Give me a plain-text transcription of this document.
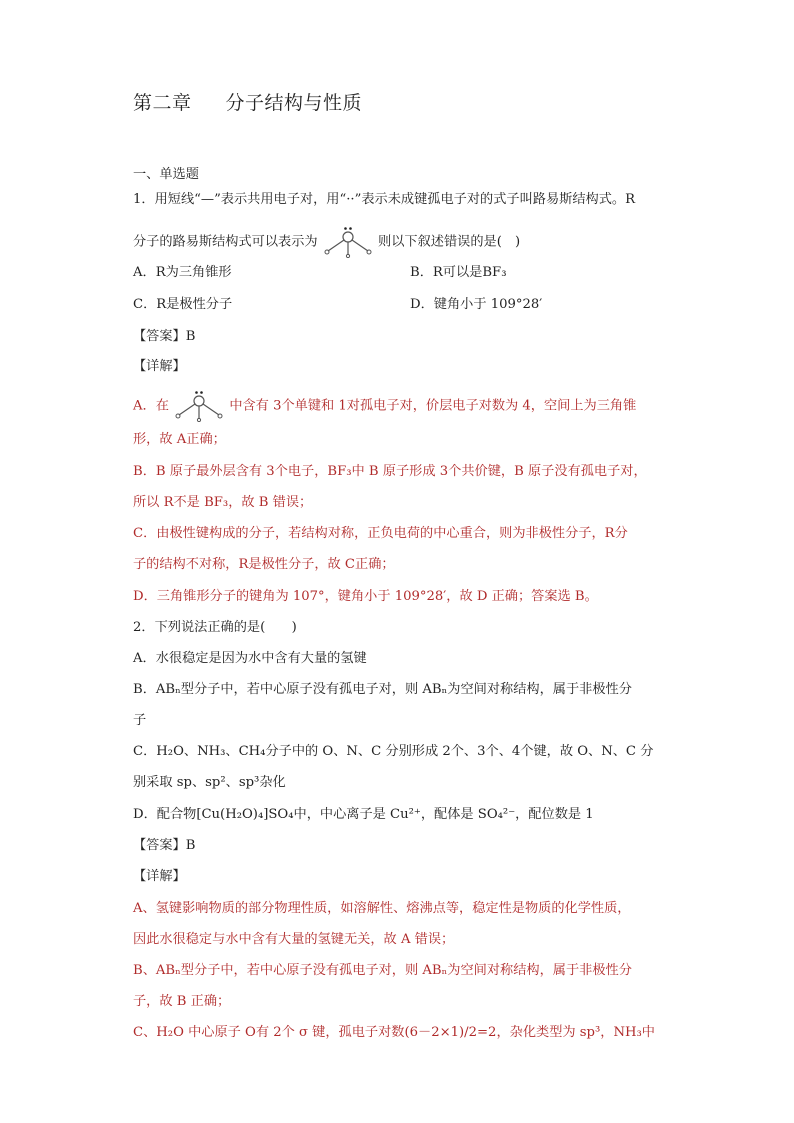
第二章 分子结构与性质
一、单选题
1．用短线“—”表示共用电子对，用“··”表示未成键孤电子对的式子叫路易斯结构式。R
分子的路易斯结构式可以表示为	则以下叙述错误的是(　)
A．R为三角锥形	B．R可以是BF₃
C．R是极性分子	D．键角小于 109°28′
【答案】B
【详解】
A．在	中含有 3个单键和 1对孤电子对，价层电子对数为 4，空间上为三角锥
形，故 A正确；
B．B 原子最外层含有 3个电子，BF₃中 B 原子形成 3个共价键，B 原子没有孤电子对，
所以 R不是 BF₃，故 B 错误；
C．由极性键构成的分子，若结构对称，正负电荷的中心重合，则为非极性分子，R分
子的结构不对称，R是极性分子，故 C正确；
D．三角锥形分子的键角为 107°，键角小于 109°28′，故 D 正确；答案选 B。
2．下列说法正确的是(　　)
A．水很稳定是因为水中含有大量的氢键
B．ABₙ型分子中，若中心原子没有孤电子对，则 ABₙ为空间对称结构，属于非极性分
子
C．H₂O、NH₃、CH₄分子中的 O、N、C 分别形成 2个、3个、4个键，故 O、N、C 分
别采取 sp、sp²、sp³杂化
D．配合物[Cu(H₂O)₄]SO₄中，中心离子是 Cu²⁺，配体是 SO₄²⁻，配位数是 1
【答案】B
【详解】
A、氢键影响物质的部分物理性质，如溶解性、熔沸点等，稳定性是物质的化学性质，
因此水很稳定与水中含有大量的氢键无关，故 A 错误；
B、ABₙ型分子中，若中心原子没有孤电子对，则 ABₙ为空间对称结构，属于非极性分
子，故 B 正确；
C、H₂O 中心原子 O有 2个 σ 键，孤电子对数(6－2×1)/2=2，杂化类型为 sp³，NH₃中
